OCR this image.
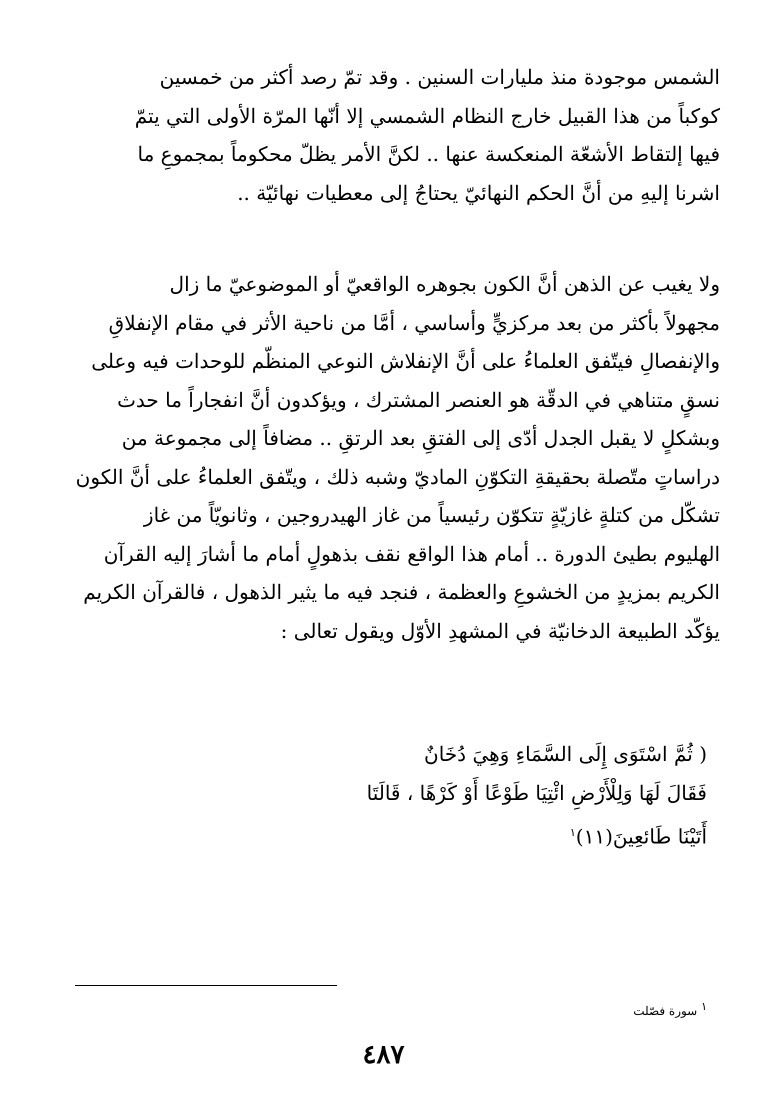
الشمس موجودة منذ مليارات السنين . وقد تمّ رصد أكثر من خمسين
كوكباً من هذا القبيل خارج النظام الشمسي إلا أنّها المرّة الأولى التي يتمّ
فيها إلتقاط الأشعّة المنعكسة عنها .. لكنَّ الأمر يظلّ محكوماً بمجموعِ ما
اشرنا إليهِ من أنَّ الحكم النهائيّ يحتاجُ إلى معطيات نهائيّة ..
ولا يغيب عن الذهن أنَّ الكون بجوهره الواقعيّ أو الموضوعيّ ما زال
مجهولاً بأكثر من بعد مركزيٍّ وأساسي ، أمَّا من ناحية الأثر في مقام الإنفلاقِ
والإنفصالِ فيتّفق العلماءُ على أنَّ الإنفلاش النوعي المنظّم للوحدات فيه وعلى
نسقٍ متناهي في الدقّة هو العنصر المشترك ، ويؤكدون أنَّ انفجاراً ما حدث
وبشكلٍ لا يقبل الجدل أدّى إلى الفتقِ بعد الرتقِ .. مضافاً إلى مجموعة من
دراساتٍ متّصلة بحقيقةِ التكوّنِ الماديّ وشبه ذلك ، ويتّفق العلماءُ على أنَّ الكون
تشكّل من كتلةٍ غازيّةٍ تتكوّن رئيسياً من غاز الهيدروجين ، وثانويّاً من غاز
الهليوم بطيئ الدورة .. أمام هذا الواقع نقف بذهولٍ أمام ما أشارَ إليه القرآن
الكريم بمزيدٍ من الخشوعِ والعظمة ، فنجد فيه ما يثير الذهول ، فالقرآن الكريم
يؤكّد الطبيعة الدخانيّة في المشهدِ الأوّل ويقول تعالى :
( ثُمَّ اسْتَوَى إِلَى السَّمَاءِ وَهِيَ دُخَانٌ
فَقَالَ لَهَا وَلِلْأَرْضِ ائْتِيَا طَوْعًا أَوْ كَرْهًا ، قَالَتَا
أَتَيْنَا طَائعِينَ(١١)$^١$
$^١$ سورة فصّلت
٤٨٧
